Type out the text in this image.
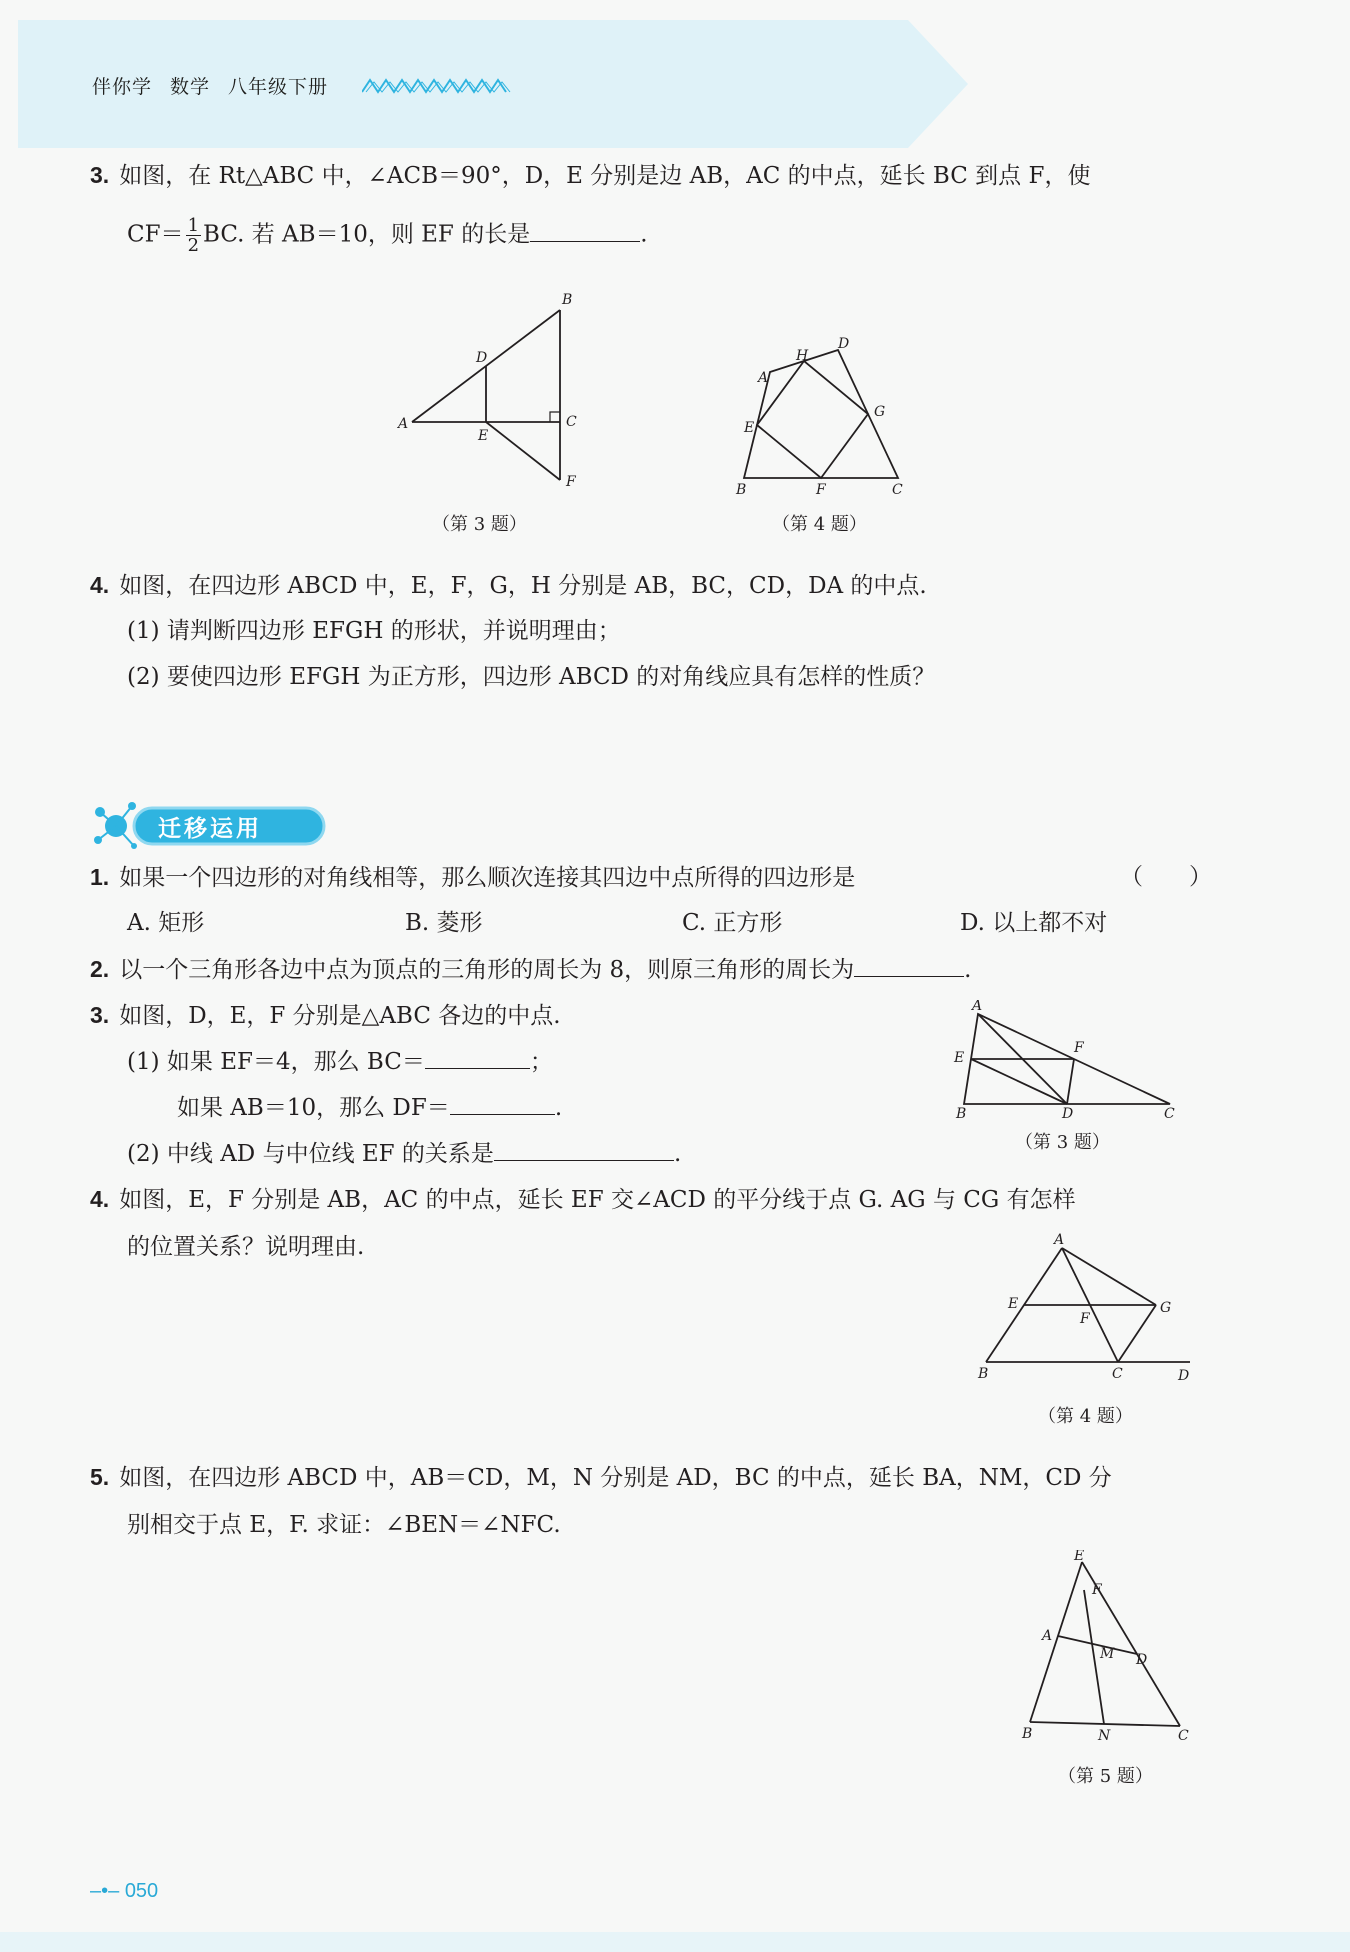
伴你学 数学 八年级下册
3. 如图，在 Rt△ABC 中，∠ACB＝90°，D，E 分别是边 AB，AC 的中点，延长 BC 到点 F，使
$CF= \frac{1}{2}$ BC. 若 AB＝10，则 EF 的长是	.
A
B
C
D
E
F
（第 3 题）
A
B	C
D
E
F
G
H
（第 4 题）
4. 如图，在四边形 ABCD 中，E，F，G，H 分别是 AB，BC，CD，DA 的中点.
(1) 请判断四边形 EFGH 的形状，并说明理由；
(2) 要使四边形 EFGH 为正方形，四边形 ABCD 的对角线应具有怎样的性质？
迁移运用
1. 如果一个四边形的对角线相等，那么顺次连接其四边中点所得的四边形是	（　　）
A. 矩形	B. 菱形	C. 正方形	D. 以上都不对
2. 以一个三角形各边中点为顶点的三角形的周长为 8，则原三角形的周长为	.
3. 如图，D，E，F 分别是△ABC 各边的中点.
(1) 如果 EF＝4，那么 BC＝	；
如果 AB＝10，那么 DF＝	.
(2) 中线 AD 与中位线 EF 的关系是	.
A
B	C
D
E
F
（第 3 题）
4. 如图，E，F 分别是 AB，AC 的中点，延长 EF 交∠ACD 的平分线于点 G. AG 与 CG 有怎样
的位置关系？说明理由.	A
B	C	D
E
F
G
（第 4 题）
5. 如图，在四边形 ABCD 中，AB＝CD，M，N 分别是 AD，BC 的中点，延长 BA，NM，CD 分
别相交于点 E，F. 求证：∠BEN＝∠NFC.
E
F
A
M D
B	N	C
（第 5 题）
‒•‒ 050
